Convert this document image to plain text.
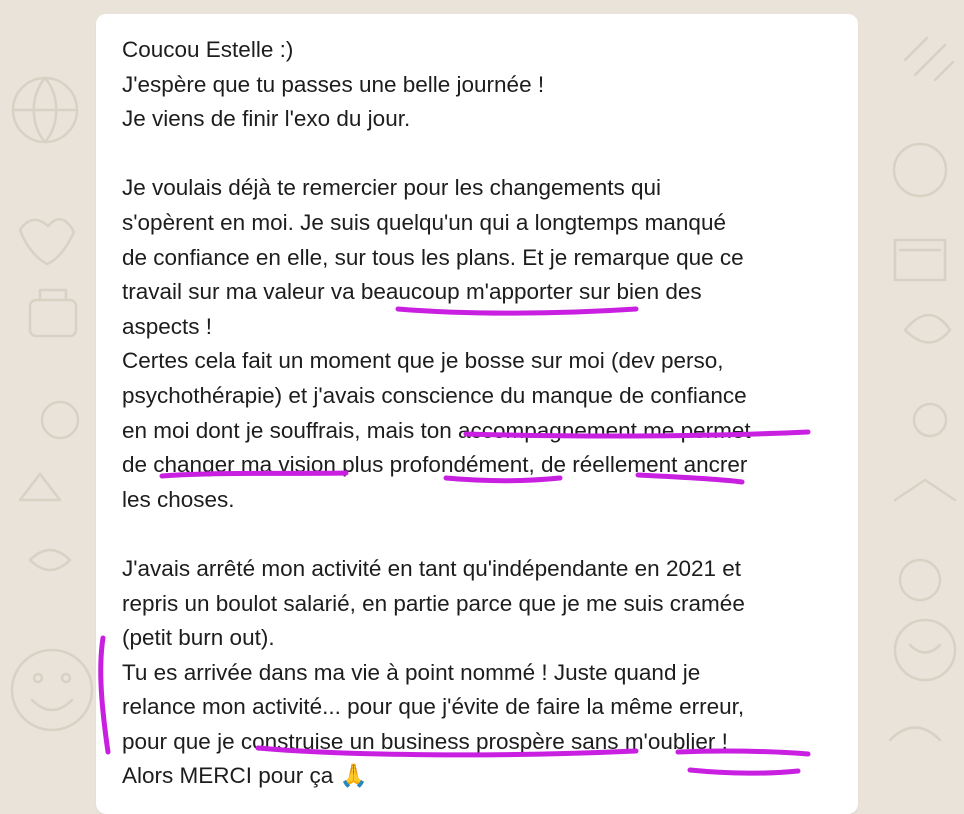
Coucou Estelle :)

J'espère que tu passes une belle journée !

Je viens de finir l'exo du jour.

Je voulais déjà te remercier pour les changements qui

s'opèrent en moi. Je suis quelqu'un qui a longtemps manqué

de confiance en elle, sur tous les plans. Et je remarque que ce

travail sur ma valeur va beaucoup m'apporter sur bien des

aspects !

Certes cela fait un moment que je bosse sur moi (dev perso,

psychothérapie) et j'avais conscience du manque de confiance

en moi dont je souffrais, mais ton accompagnement me permet

de changer ma vision plus profondément, de réellement ancrer

les choses.

J'avais arrêté mon activité en tant qu'indépendante en 2021 et

repris un boulot salarié, en partie parce que je me suis cramée

(petit burn out).

Tu es arrivée dans ma vie à point nommé ! Juste quand je

relance mon activité... pour que j'évite de faire la même erreur,

pour que je construise un business prospère sans m'oublier !

Alors MERCI pour ça 🙏
